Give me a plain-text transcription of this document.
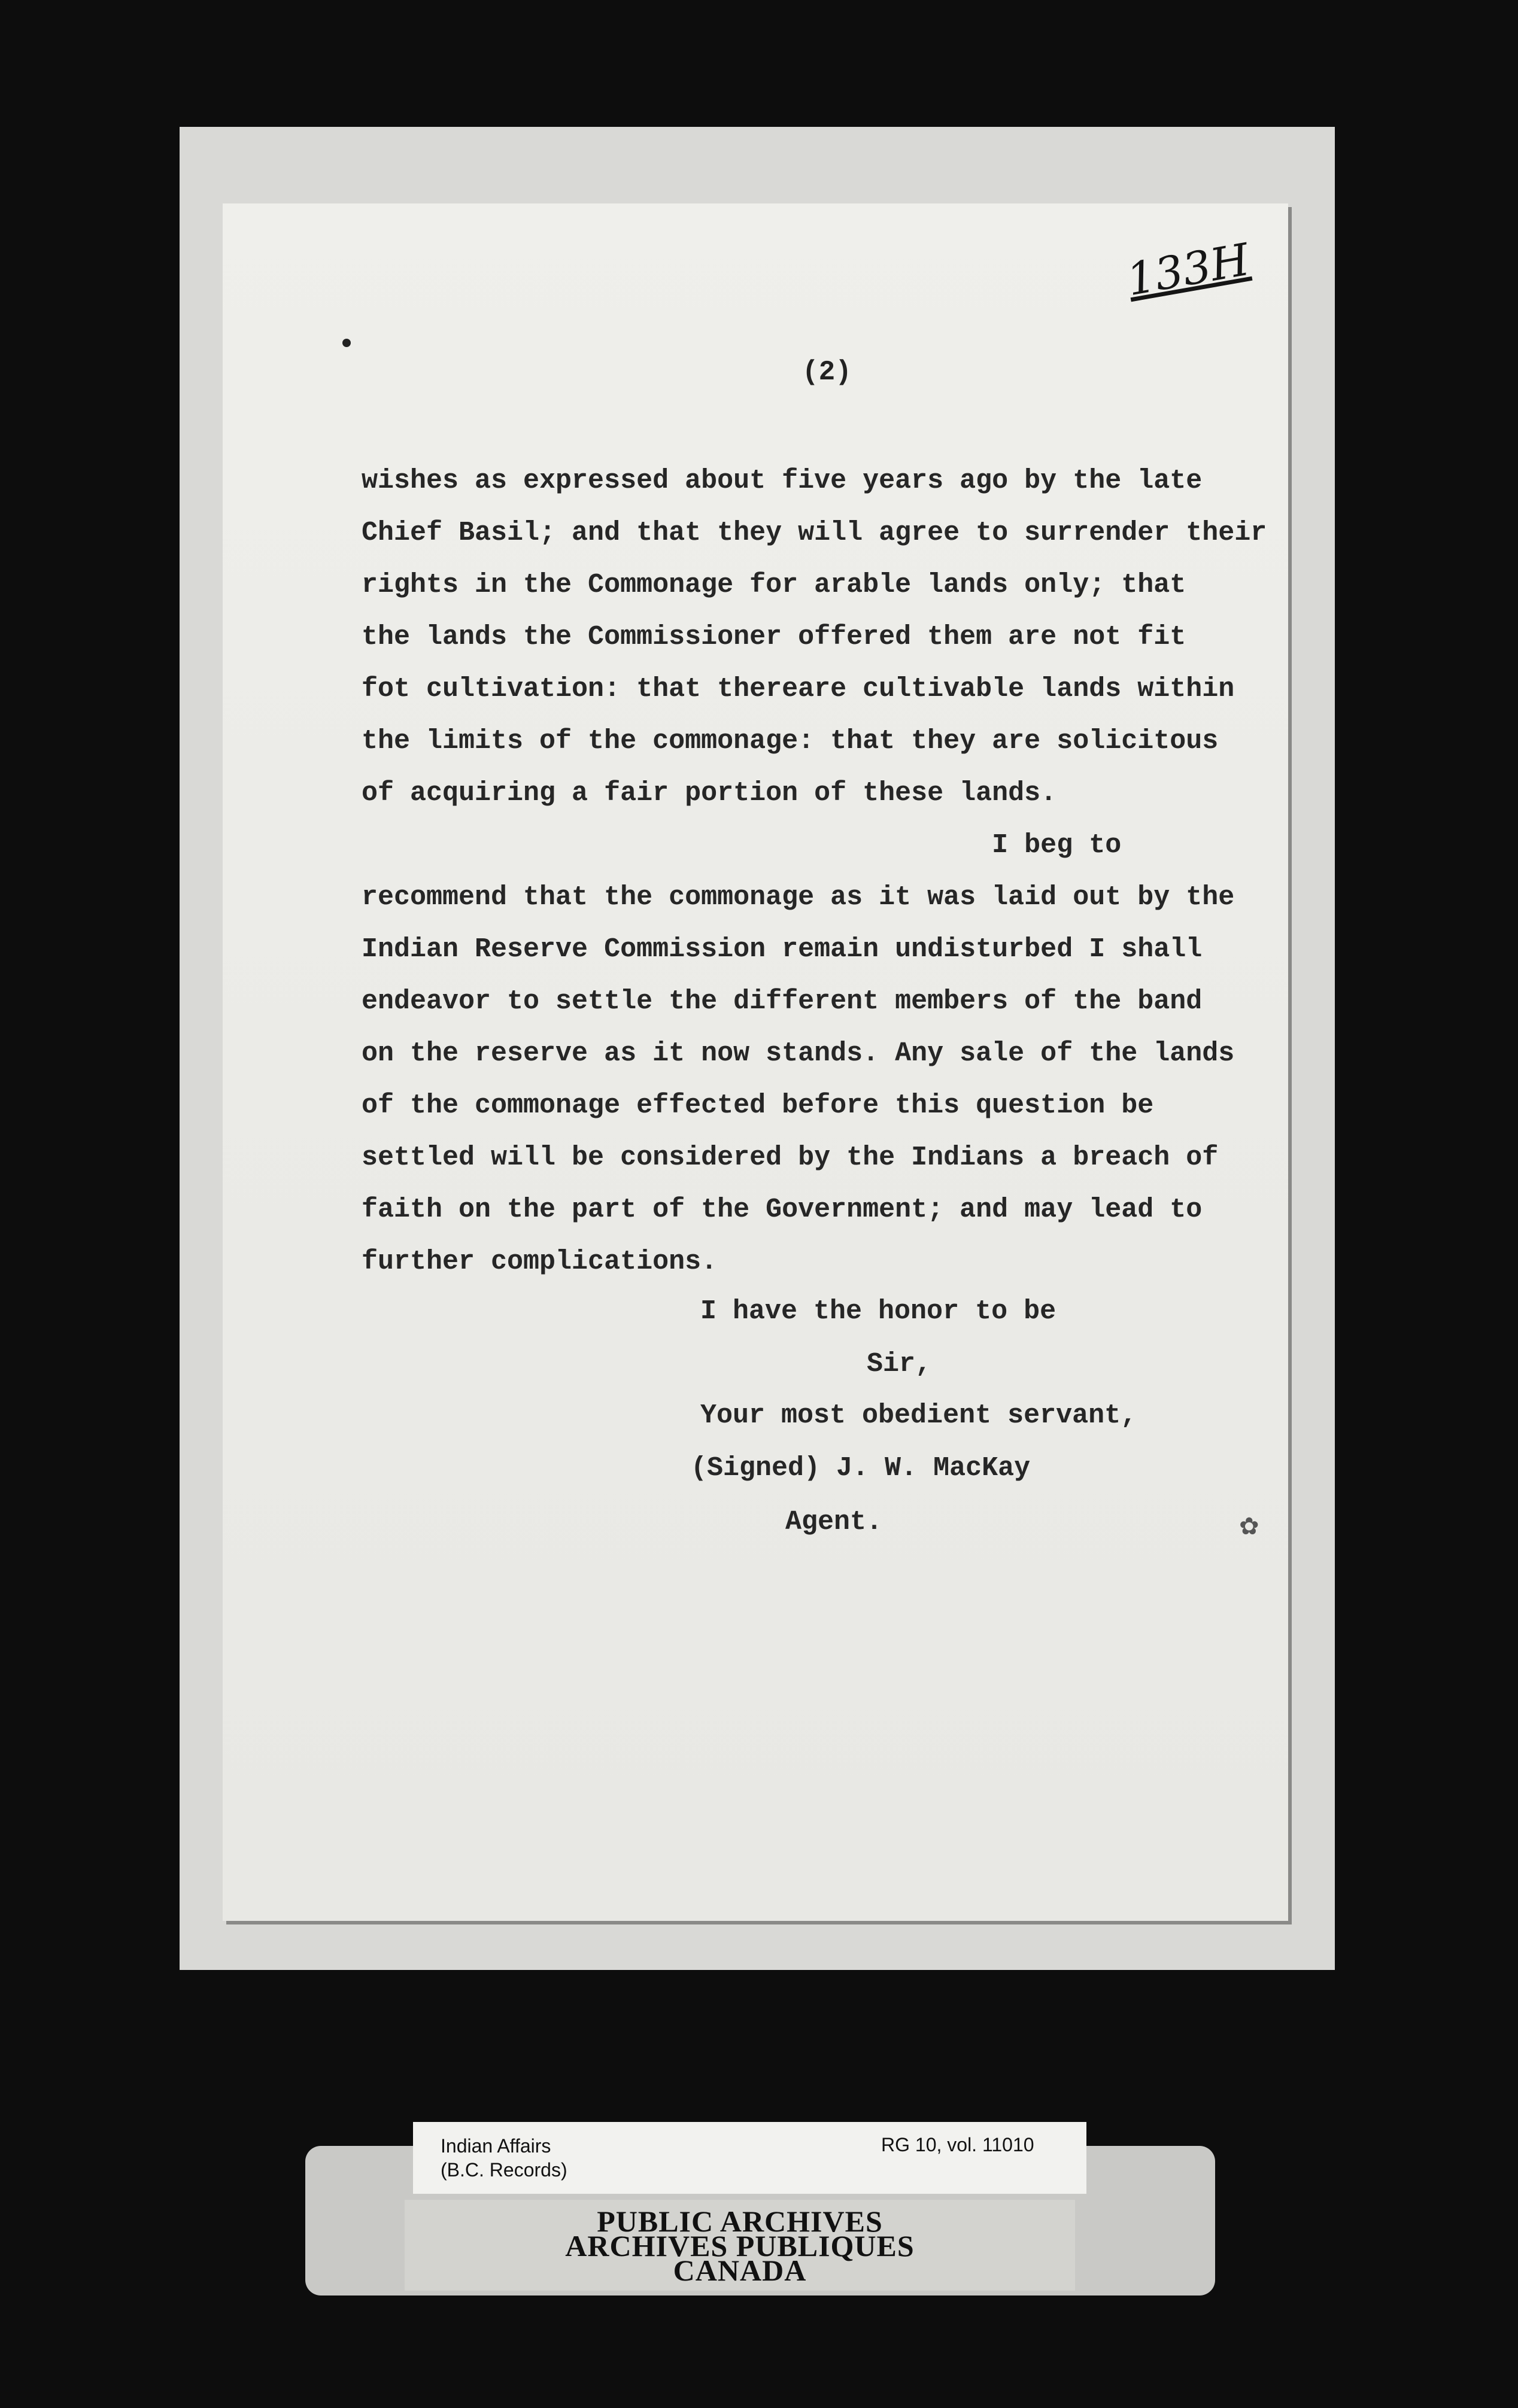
133H
(2)
wishes as expressed about five years ago by the late
Chief Basil; and that they will agree to surrender their
rights in the Commonage for arable lands only; that
the lands the Commissioner offered them are not fit
fot cultivation: that thereare cultivable lands within
the limits of the commonage: that they are solicitous
of acquiring a fair portion of these lands.
I beg to
recommend that the commonage as it was laid out by the
Indian Reserve Commission remain undisturbed I shall
endeavor to settle the different members of the band
on the reserve as it now stands. Any sale of the lands
of the commonage effected before this question be
settled will be considered by the Indians a breach of
faith on the part of the Government; and may lead to
further complications.
I have the honor to be
Sir,
Your most obedient servant,
(Signed) J. W. MacKay
Agent.	✿
Indian Affairs
(B.C. Records)
RG 10, vol. 11010
PUBLIC ARCHIVES
ARCHIVES PUBLIQUES
CANADA
